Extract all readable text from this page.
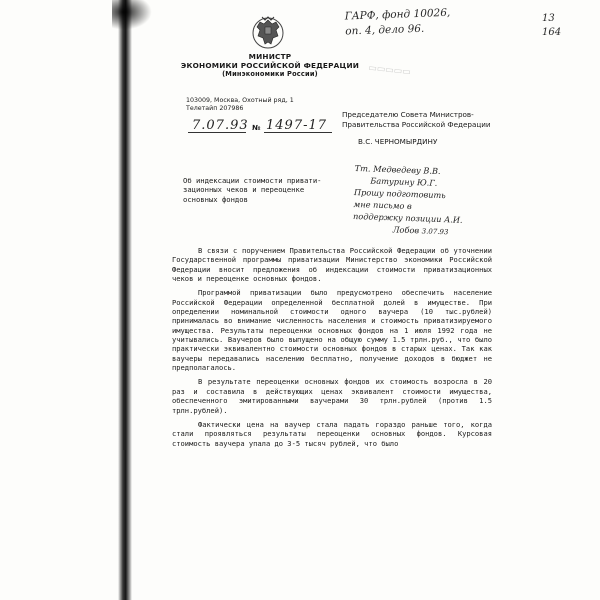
МИНИСТР
ЭКОНОМИКИ РОССИЙСКОЙ ФЕДЕРАЦИИ
(Минэкономики России)
103009, Москва, Охотный ряд, 1
Телетайп 207986
7.07.93 № 1497-17
Председателю Совета Министров-
Правительства Российской Федерации
В.С. ЧЕРНОМЫРДИНУ
ГАРФ, фонд 10026,
оп. 4, дело 96.
13
164
▭▭▭▭▭
Об индексации стоимости привати-
зационных чеков и переоценке
основных фондов
Тт. Медведеву В.В.
Батурину Ю.Г.
Прошу подготовить
мне письмо в
поддержку позиции А.И.
Лобов 3.07.93

В связи с поручением Правительства Российской Федерации об уточнении Государственной программы приватизации Министерство экономики Российской Федерации вносит предложения об индексации стоимости приватизационных чеков и переоценке основных фондов.

Программой приватизации было предусмотрено обеспечить население Российской Федерации определенной бесплатной долей в имуществе. При определении номинальной стоимости одного ваучера (10 тыс.рублей) принималась во внимание численность населения и стоимость приватизируемого имущества. Результаты переоценки основных фондов на 1 июля 1992 года не учитывались. Ваучеров было выпущено на общую сумму 1.5 трлн.руб., что было практически эквивалентно стоимости основных фондов в старых ценах. Так как ваучеры передавались населению бесплатно, получение доходов в бюджет не предполагалось.

В результате переоценки основных фондов их стоимость возросла в 20 раз и составила в действующих ценах эквивалент стоимости имущества, обеспеченного эмитированными ваучерами 30 трлн.рублей (против 1.5 трлн.рублей).

Фактически цена на ваучер стала падать гораздо раньше того, когда стали проявляться результаты переоценки основных фондов. Курсовая стоимость ваучера упала до 3-5 тысяч рублей, что было
